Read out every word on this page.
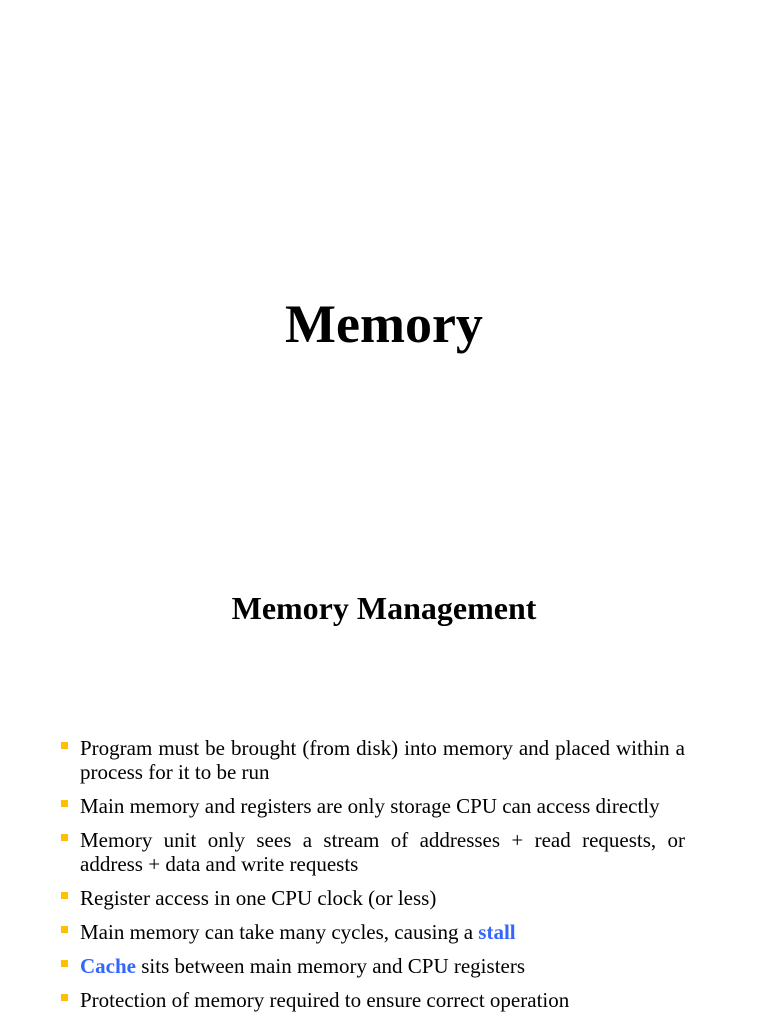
Memory
Memory Management
Program must be brought (from disk) into memory and placed within a process for it to be run
Main memory and registers are only storage CPU can access directly
Memory unit only sees a stream of addresses + read requests, or address + data and write requests
Register access in one CPU clock (or less)
Main memory can take many cycles, causing a stall
Cache sits between main memory and CPU registers
Protection of memory required to ensure correct operation
